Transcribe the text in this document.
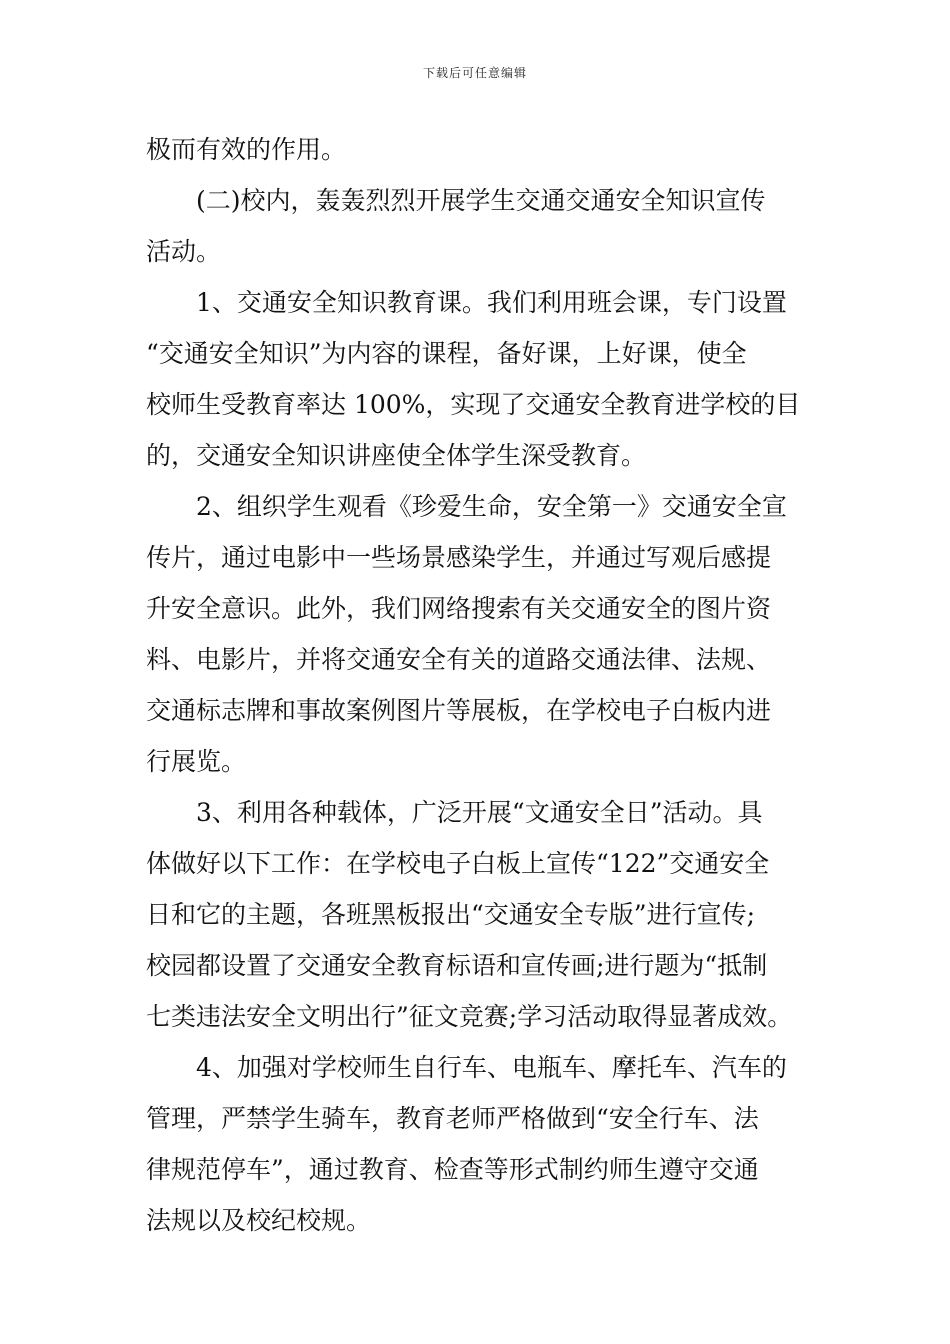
下载后可任意编辑
极而有效的作用。
(二)校内，轰轰烈烈开展学生交通交通安全知识宣传
活动。
1、交通安全知识教育课。我们利用班会课，专门设置
“交通安全知识”为内容的课程，备好课，上好课，使全
校师生受教育率达 100%，实现了交通安全教育进学校的目
的，交通安全知识讲座使全体学生深受教育。
2、组织学生观看《珍爱生命，安全第一》交通安全宣
传片，通过电影中一些场景感染学生，并通过写观后感提
升安全意识。此外，我们网络搜索有关交通安全的图片资
料、电影片，并将交通安全有关的道路交通法律、法规、
交通标志牌和事故案例图片等展板，在学校电子白板内进
行展览。
3、利用各种载体，广泛开展“文通安全日”活动。具
体做好以下工作：在学校电子白板上宣传“122”交通安全
日和它的主题，各班黑板报出“交通安全专版”进行宣传;
校园都设置了交通安全教育标语和宣传画;进行题为“抵制
七类违法安全文明出行”征文竞赛;学习活动取得显著成效。
4、加强对学校师生自行车、电瓶车、摩托车、汽车的
管理，严禁学生骑车，教育老师严格做到“安全行车、法
律规范停车”，通过教育、检查等形式制约师生遵守交通
法规以及校纪校规。
